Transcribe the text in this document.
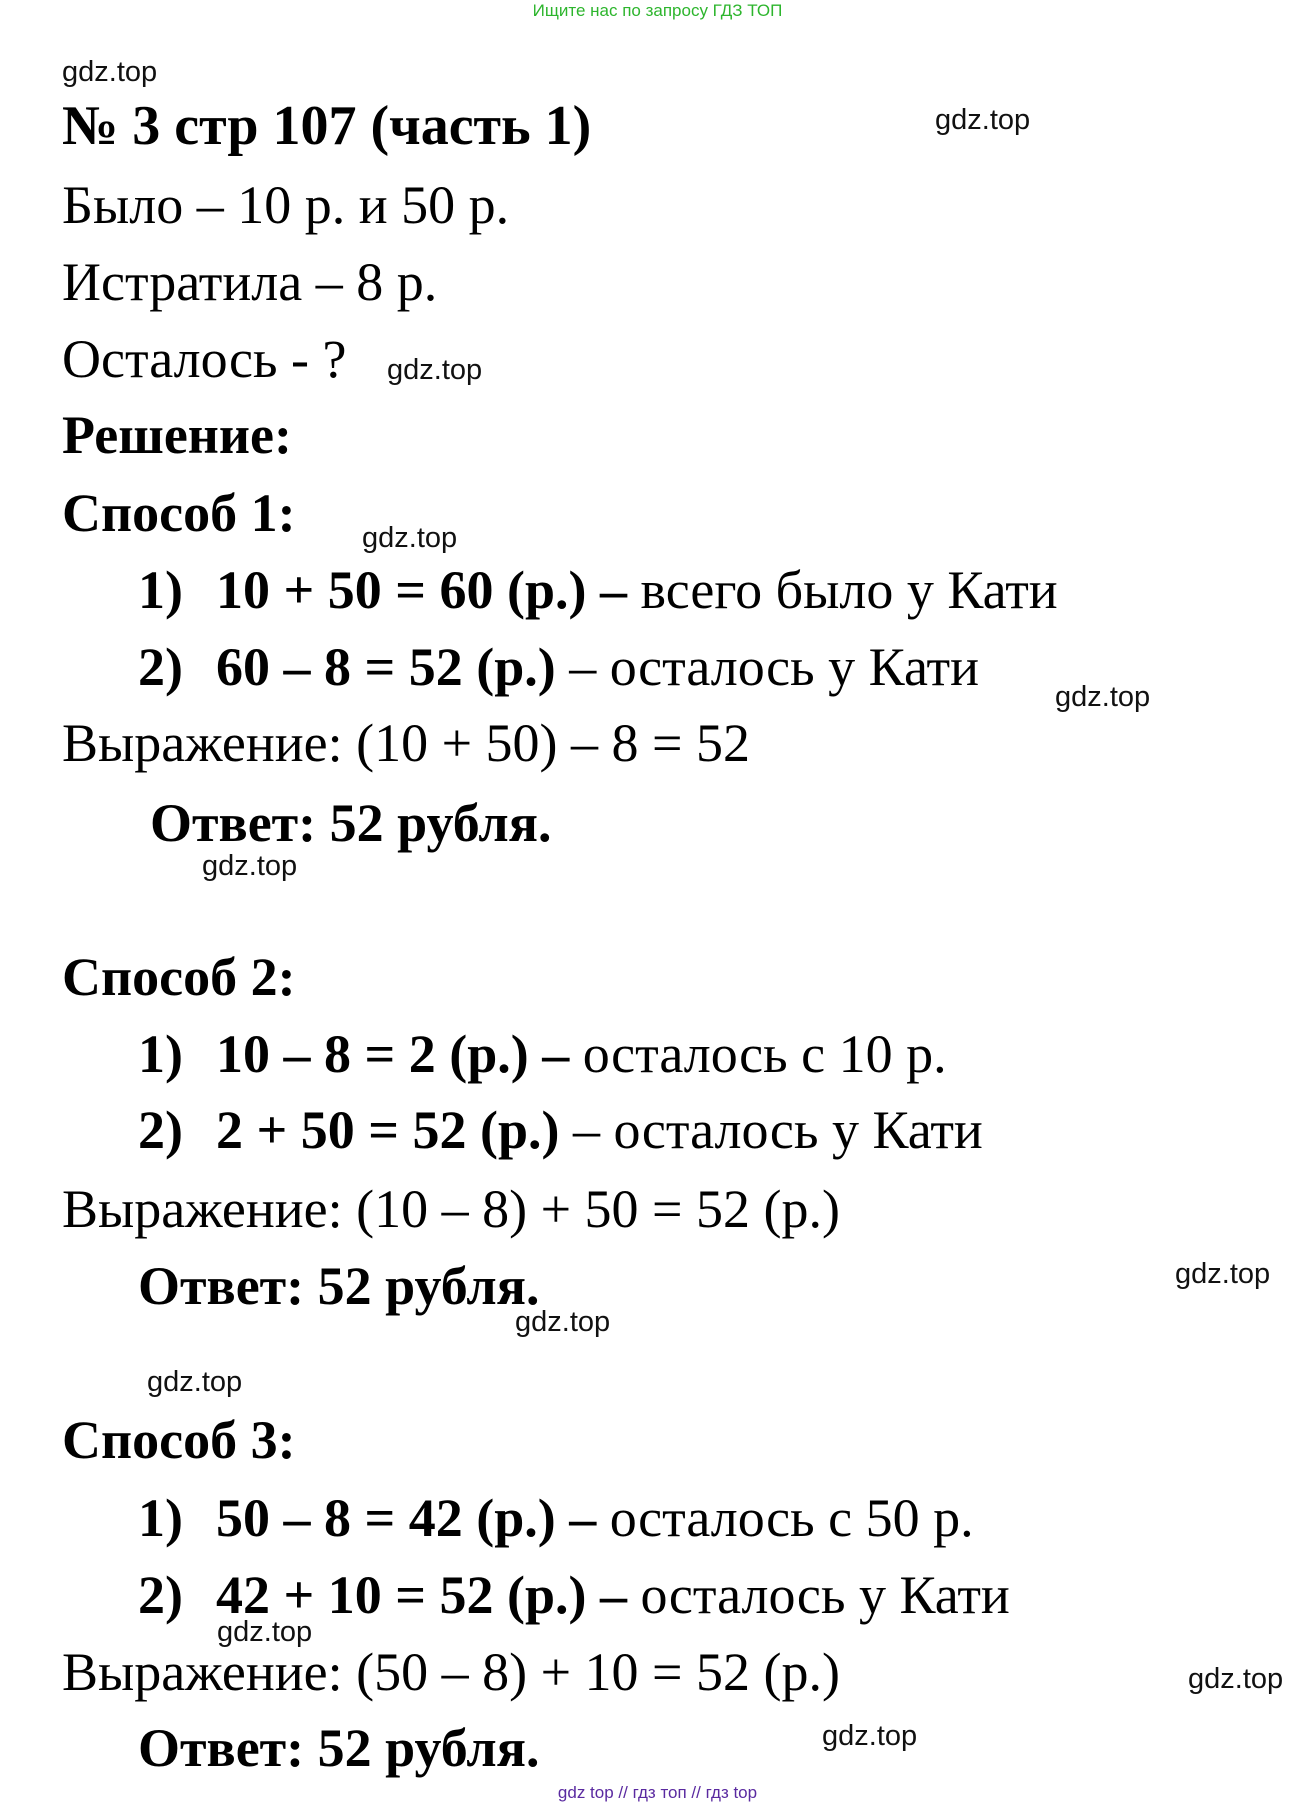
Ищите нас по запросу ГДЗ ТОП
gdz.top
gdz.top
gdz.top
gdz.top
gdz.top
gdz.top
gdz.top
gdz.top
gdz.top
gdz.top
gdz.top
gdz.top
№ 3 стр 107 (часть 1)
Было – 10 р. и 50 р.
Истратила – 8 р.
Осталось - ?
Решение:
Способ 1:
1) 10 + 50 = 60 (р.) – всего было у Кати
2) 60 – 8 = 52 (р.) – осталось у Кати
Выражение: (10 + 50) – 8 = 52
Ответ: 52 рубля.
Способ 2:
1) 10 – 8 = 2 (р.) – осталось с 10 р.
2) 2 + 50 = 52 (р.) – осталось у Кати
Выражение: (10 – 8) + 50 = 52 (р.)
Ответ: 52 рубля.
Способ 3:
1) 50 – 8 = 42 (р.) – осталось с 50 р.
2) 42 + 10 = 52 (р.) – осталось у Кати
Выражение: (50 – 8) + 10 = 52 (р.)
Ответ: 52 рубля.
gdz top // гдз топ // гдз top
